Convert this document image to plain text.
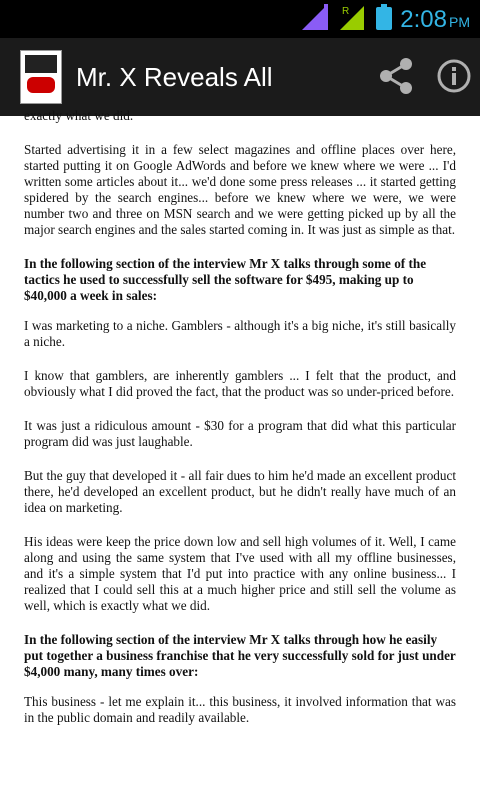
R 2:08 PM
Mr. X Reveals All

exactly what we did.

Started advertising it in a few select magazines and offline places over here, started putting it on Google AdWords and before we knew where we were ... I'd written some articles about it... we'd done some press releases ... it started getting spidered by the search engines... before we knew where we were, we were number two and three on MSN search and we were getting picked up by all the major search engines and the sales started coming in. It was just as simple as that.

In the following section of the interview Mr X talks through some of the tactics he used to successfully sell the software for $495, making up to $40,000 a week in sales:

I was marketing to a niche. Gamblers - although it's a big niche, it's still basically a niche.

I know that gamblers, are inherently gamblers ... I felt that the product, and obviously what I did proved the fact, that the product was so under-priced before.

It was just a ridiculous amount - $30 for a program that did what this particular program did was just laughable.

But the guy that developed it - all fair dues to him he'd made an excellent product there, he'd developed an excellent product, but he didn't really have much of an idea on marketing.

His ideas were keep the price down low and sell high volumes of it. Well, I came along and using the same system that I've used with all my offline businesses, and it's a simple system that I'd put into practice with any online business... I realized that I could sell this at a much higher price and still sell the volume as well, which is exactly what we did.

In the following section of the interview Mr X talks through how he easily put together a business franchise that he very successfully sold for just under $4,000 many, many times over:

This business - let me explain it... this business, it involved information that was in the public domain and readily available.
